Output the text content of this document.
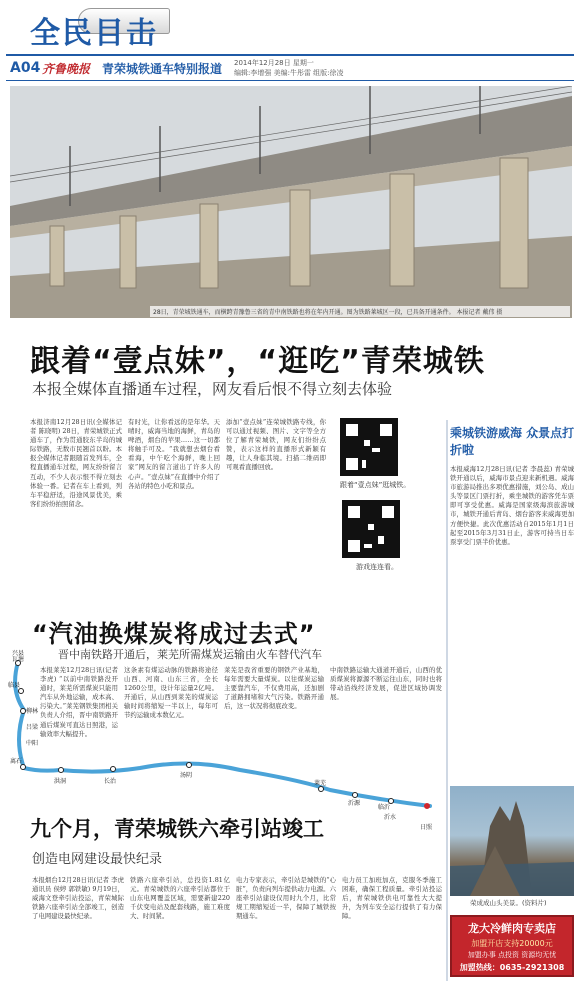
全民目击
A04 齐鲁晚报 青荣城铁通车特别报道 2014年12月28日 星期一
编辑:李增强 美编:牛彤雷 组版:徐凌
28日，青荣城铁通车，而横跨青豫鲁三省的青中南铁路也将在年内开通。图为铁路莱城区一段，已具备开通条件。 本报记者 戴伟 摄
跟着“壹点妹”，“逛吃”青荣城铁
本报全媒体直播通车过程，网友看后恨不得立刻去体验
本报济南12月28日讯(全媒体记者 陈晓明) 28日，青荣城铁正式通车了，作为贯通胶东半岛的城际铁路，无数市民翘首以盼。本报全媒体记者跟随首发列车，全程直播通车过程，网友纷纷留言互动，不少人表示恨不得立刻去体验一番。记者在车上看到，列车平稳舒适，沿途风景优美，乘客们纷纷拍照留念。
有时光，让你看远的是年华。天晴时，威海当地的海鲜，青岛的啤酒，烟台的苹果……这一切都将触手可及。“我就想去烟台看看海，中午吃个海鲜，晚上回家”网友的留言道出了许多人的心声。“壹点妹”在直播中介绍了各站的特色小吃和景点。
添加“壹点妹”连荣城铁路专线，你可以通过视频、图片、文字等全方位了解青荣城铁，网友们纷纷点赞，表示这样的直播形式新颖有趣，让人身临其境。扫描二维码即可观看直播回放。
跟着“壹点妹”逛城铁。
游戏连连看。
乘城铁游威海 众景点打折啦
本报威海12月28日讯(记者 李晨蕊) 青荣城铁开通以后，威海市景点迎来新机遇。威海市旅游局推出多项优惠措施，刘公岛、成山头等景区门票打折，乘坐城铁的游客凭车票即可享受优惠。威海是国家级海滨旅游城市，城铁开通后青岛、烟台游客来威海更加方便快捷。此次优惠活动自2015年1月1日起至2015年3月31日止，游客可持当日车票享受门票半价优惠。
“汽油换煤炭将成过去式”
晋中南铁路开通后，莱芜所需煤炭运输由火车替代汽车
本报莱芜12月28日讯(记者 李虎) “以前中南铁路没开通时，莱芜所需煤炭只能用汽车从外地运输，成本高、污染大。”莱芜钢铁集团相关负责人介绍，晋中南铁路开通后煤炭可直达日照港，运输效率大幅提升。
这条素有煤运动脉的铁路将途径山西、河南、山东三省，全长1260公里，设计年运量2亿吨。开通后，从山西到莱芜的煤炭运输时间将缩短一半以上，每年可节约运输成本数亿元。
莱芜是我省重要的钢铁产业基地，每年需要大量煤炭。以往煤炭运输主要靠汽车，不仅费用高，还加剧了道路拥堵和大气污染。铁路开通后，这一状况将彻底改变。
中南铁路运输大通道开通后，山西的优质煤炭将源源不断运往山东，同时也将带动沿线经济发展，促进区域协调发展。
兴县
瓦塘
临县
柳林
吕梁
中阳
离石
洪洞	长治
汤阴
莱芜
沂源
临沂
沂水
日照
九个月，青荣城铁六牵引站竣工
创造电网建设最快纪录
本报烟台12月28日讯(记者 李虎 通讯员 侯婷 郭铁敏) 9月19日，威海文登牵引站投运，青荣城际铁路六座牵引站全部竣工，创造了电网建设最快纪录。
铁路六座牵引站，总投资1.81亿元。青荣城铁的六座牵引站都位于山东电网覆盖区域，需要新建220千伏变电站及配套线路，施工难度大、时间紧。
电力专家表示，牵引站是城铁的“心脏”，负责向列车提供动力电源。六座牵引站建设仅用时九个月，比常规工期缩短近一半，保障了城铁按期通车。
电力员工加班加点，克服冬季施工困难，确保工程质量。牵引站投运后，青荣城铁供电可靠性大大提升，为列车安全运行提供了有力保障。
荣成成山头美景。(资料片)
龙大冷鲜肉专卖店
加盟开店支持20000元
加盟办事 点投资 资源均无忧
加盟热线：0635-2921308
